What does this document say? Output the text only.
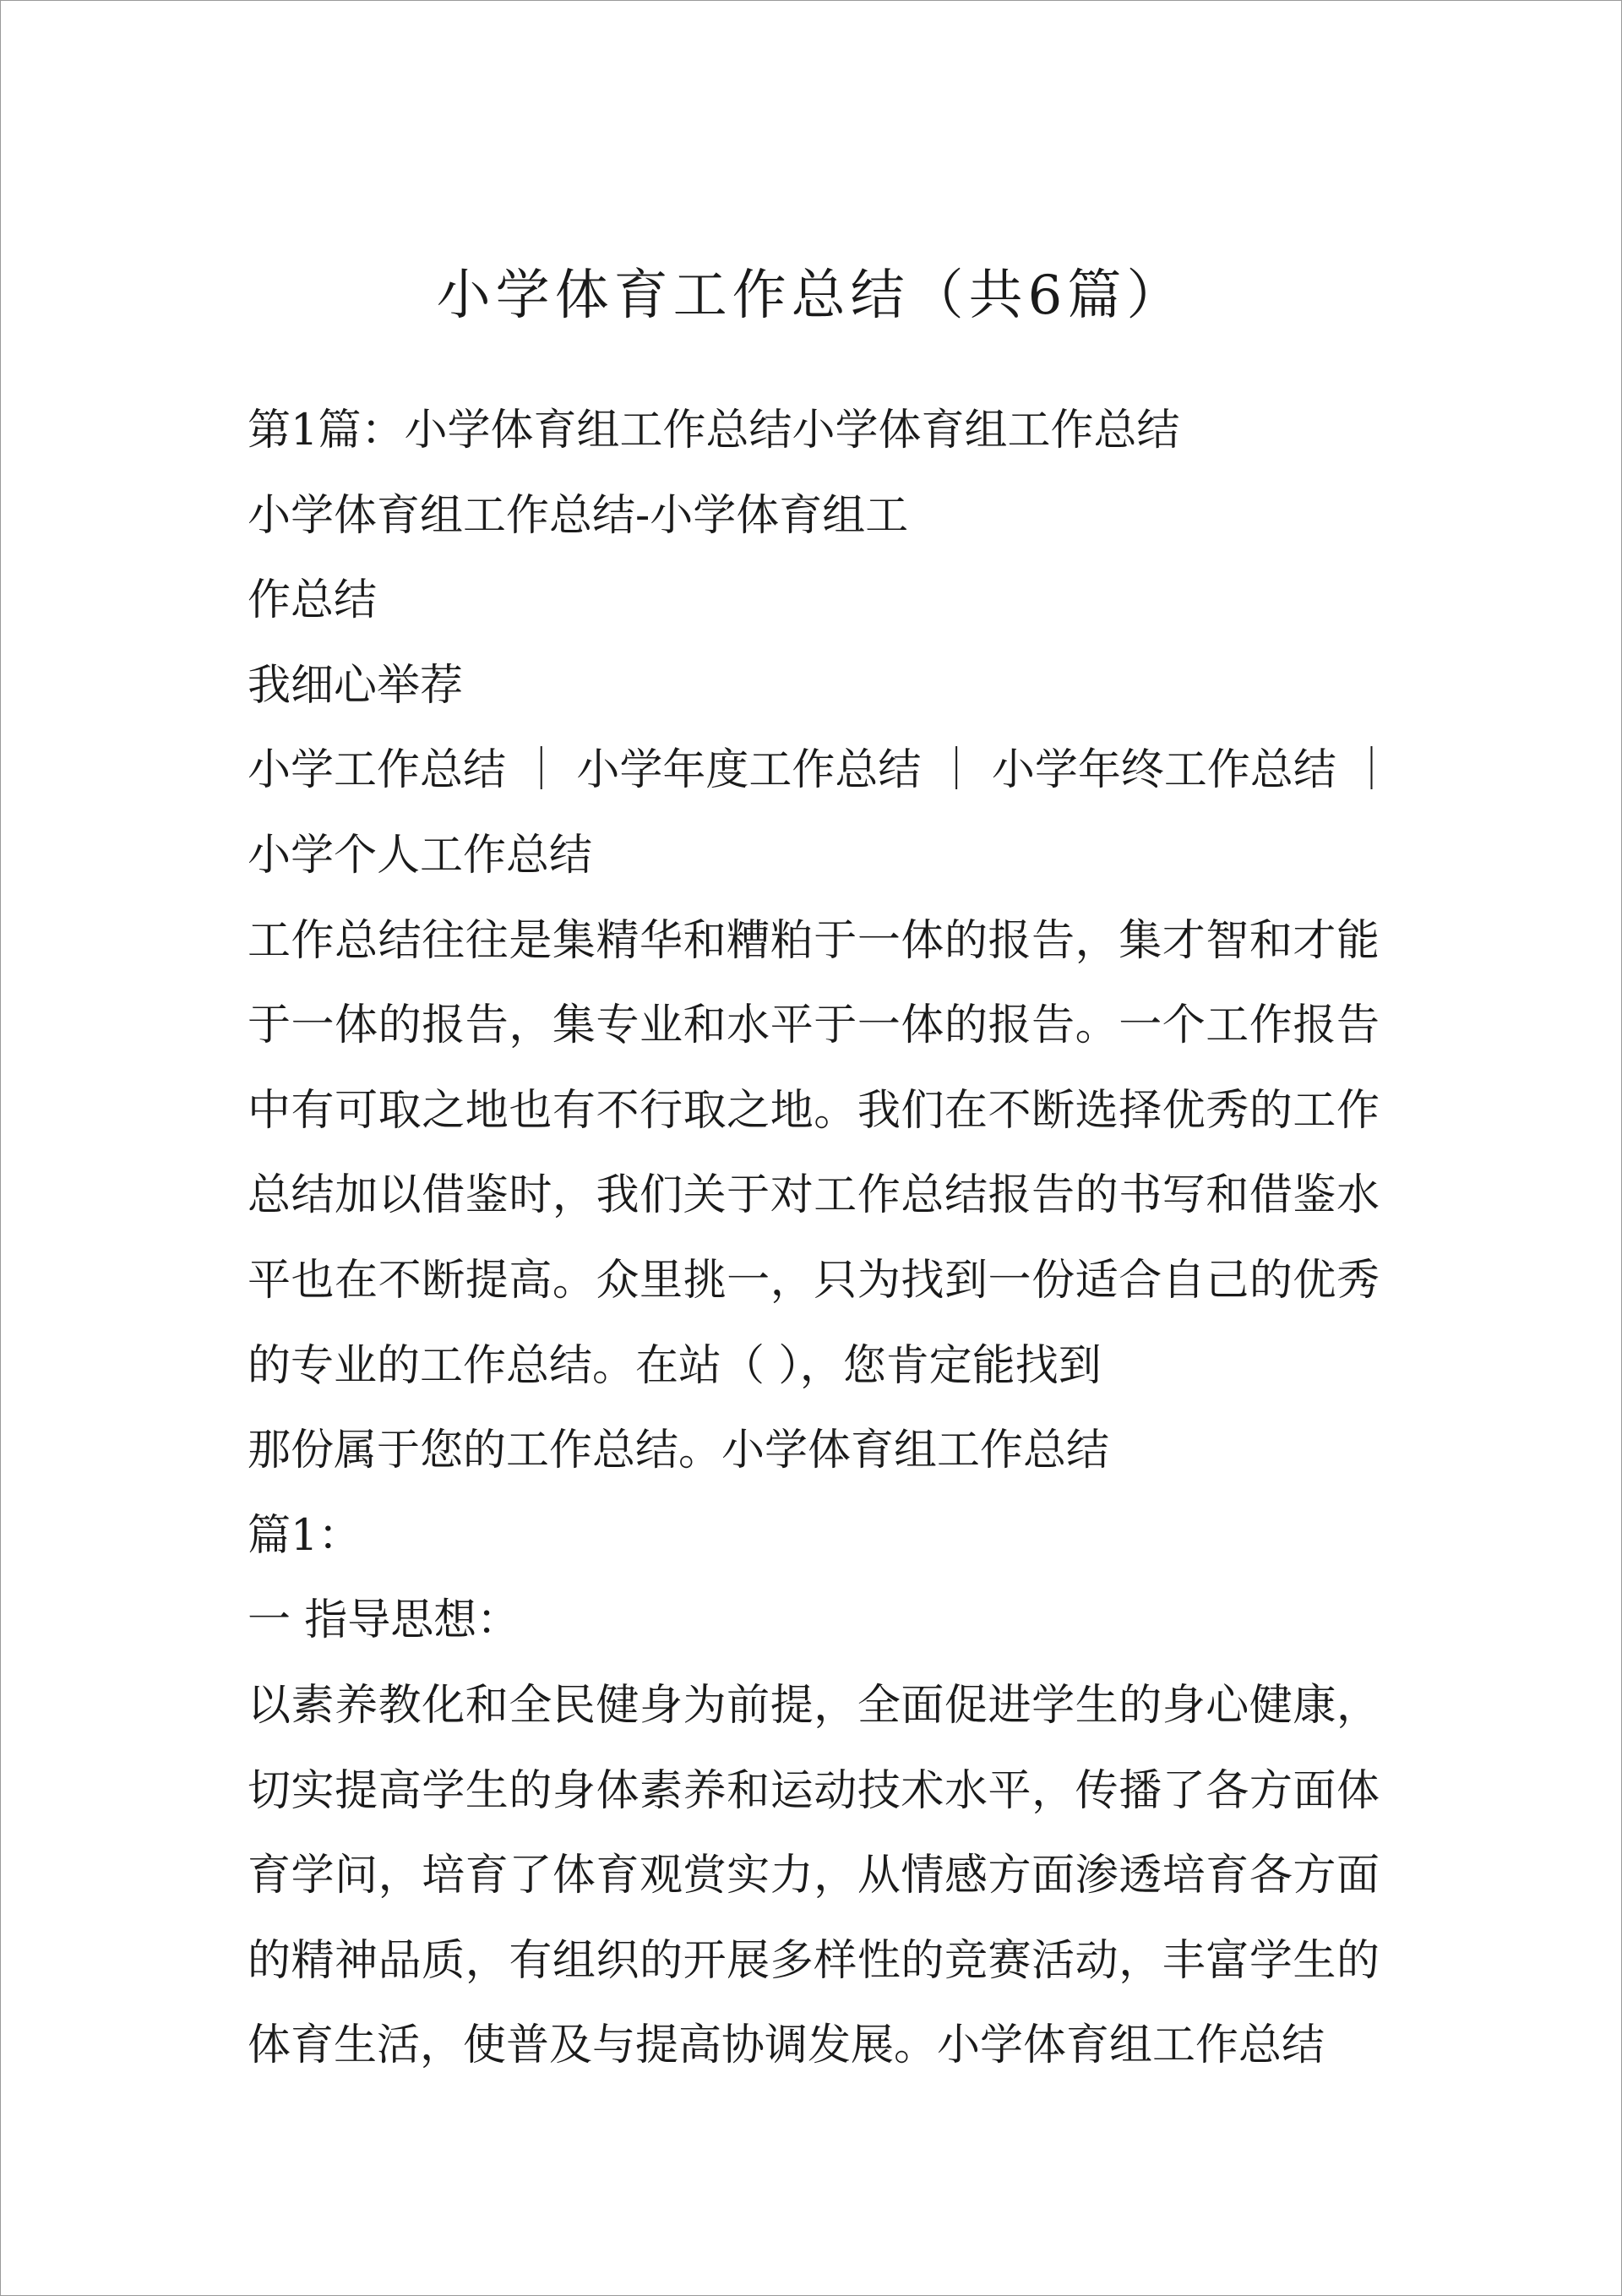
小学体育工作总结（共6篇）
第1篇：小学体育组工作总结小学体育组工作总结
小学体育组工作总结-小学体育组工
作总结
我细心举荐
小学工作总结 ｜ 小学年度工作总结 ｜ 小学年终工作总结 ｜
小学个人工作总结
工作总结往往是集精华和糟粕于一体的报告，集才智和才能
于一体的报告，集专业和水平于一体的报告。一个工作报告
中有可取之地也有不行取之地。我们在不断选择优秀的工作
总结加以借鉴时，我们关于对工作总结报告的书写和借鉴水
平也在不断提高。众里挑一，只为找到一份适合自己的优秀
的专业的工作总结。在站（ ），您肯定能找到
那份属于您的工作总结。小学体育组工作总结
篇1：
一 指导思想：
以素养教化和全民健身为前提，全面促进学生的身心健康，
切实提高学生的身体素养和运动技术水平，传播了各方面体
育学问，培育了体育观赏实力，从情感方面渗透培育各方面
的精神品质，有组织的开展多样性的竞赛活动，丰富学生的
体育生活，使普及与提高协调发展。小学体育组工作总结
